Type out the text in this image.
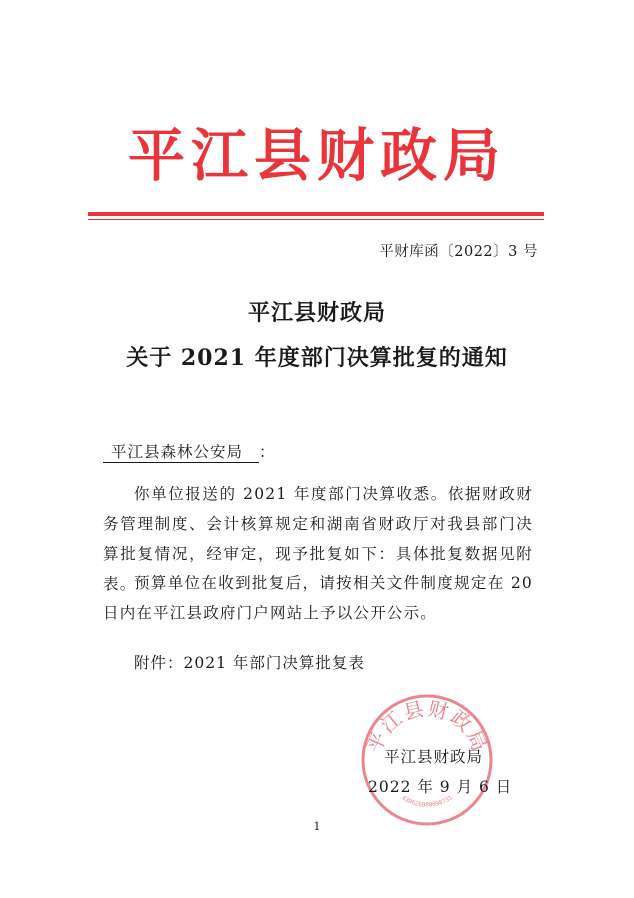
平江县财政局
平财库函〔2022〕3 号
平江县财政局
关于 2021 年度部门决算批复的通知
平江县森林公安局 ：
你单位报送的 2021 年度部门决算收悉。依据财政财务管理制度、会计核算规定和湖南省财政厅对我县部门决算批复情况，经审定，现予批复如下：具体批复数据见附表。
预算单位在收到批复后，请按相关文件制度规定在 20 日内在平江县政府门户网站上予以公开公示。
附件：2021 年部门决算批复表
平江县财政局
430626000098731
平江县财政局
2022 年 9 月 6 日
1
